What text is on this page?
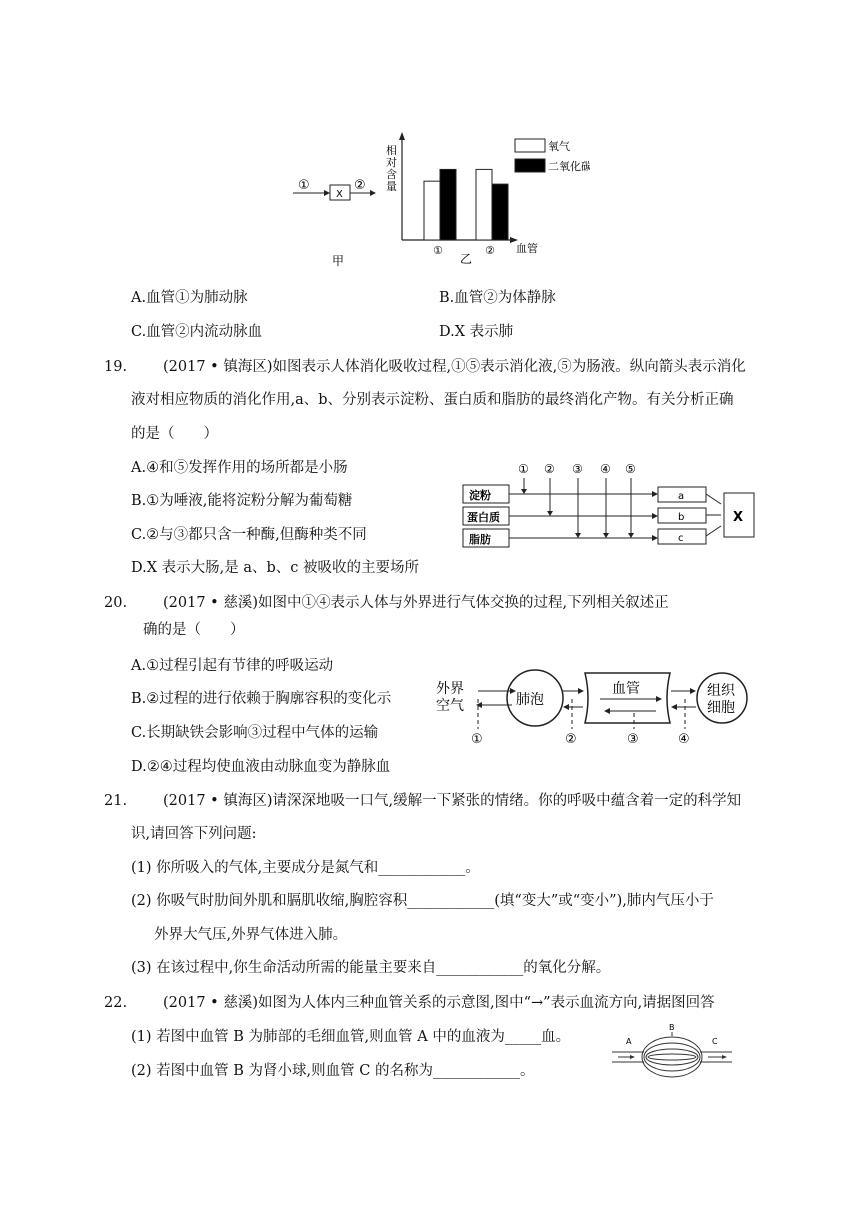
①
X
②
甲
相
对
含
量
①	② 血管
乙
氧气
二氧化碳
A.血管①为肺动脉	B.血管②为体静脉
C.血管②内流动脉血	D.X 表示肺
19. (2017 • 镇海区)如图表示人体消化吸收过程,①⑤表示消化液,⑤为肠液。纵向箭头表示消化
液对相应物质的消化作用,a、b、分别表示淀粉、蛋白质和脂肪的最终消化产物。有关分析正确
的是（　　）
A.④和⑤发挥作用的场所都是小肠
B.①为唾液,能将淀粉分解为葡萄糖
C.②与③都只含一种酶,但酶种类不同
D.X 表示大肠,是 a、b、c 被吸收的主要场所
① ② ③ ④ ⑤
淀粉
蛋白质
脂肪
a
b
c
X
20. (2017 • 慈溪)如图中①④表示人体与外界进行气体交换的过程,下列相关叙述正
确的是（　　）
A.①过程引起有节律的呼吸运动
B.②过程的进行依赖于胸廓容积的变化示
C.长期缺铁会影响③过程中气体的运输
D.②④过程均使血液由动脉血变为静脉血
外界
空气	肺泡
血管	组织
细胞
①	②	③	④
21. (2017 • 镇海区)请深深地吸一口气,缓解一下紧张的情绪。你的呼吸中蕴含着一定的科学知
识,请回答下列问题:
(1) 你所吸入的气体,主要成分是氮气和____________。
(2) 你吸气时肋间外肌和膈肌收缩,胸腔容积____________(填“变大”或“变小”),肺内气压小于
外界大气压,外界气体进入肺。
(3) 在该过程中,你生命活动所需的能量主要来自____________的氧化分解。
22. (2017 • 慈溪)如图为人体内三种血管关系的示意图,图中“→”表示血流方向,请据图回答
(1) 若图中血管 B 为肺部的毛细血管,则血管 A 中的血液为_____血。
(2) 若图中血管 B 为肾小球,则血管 C 的名称为____________。
A
B
C
